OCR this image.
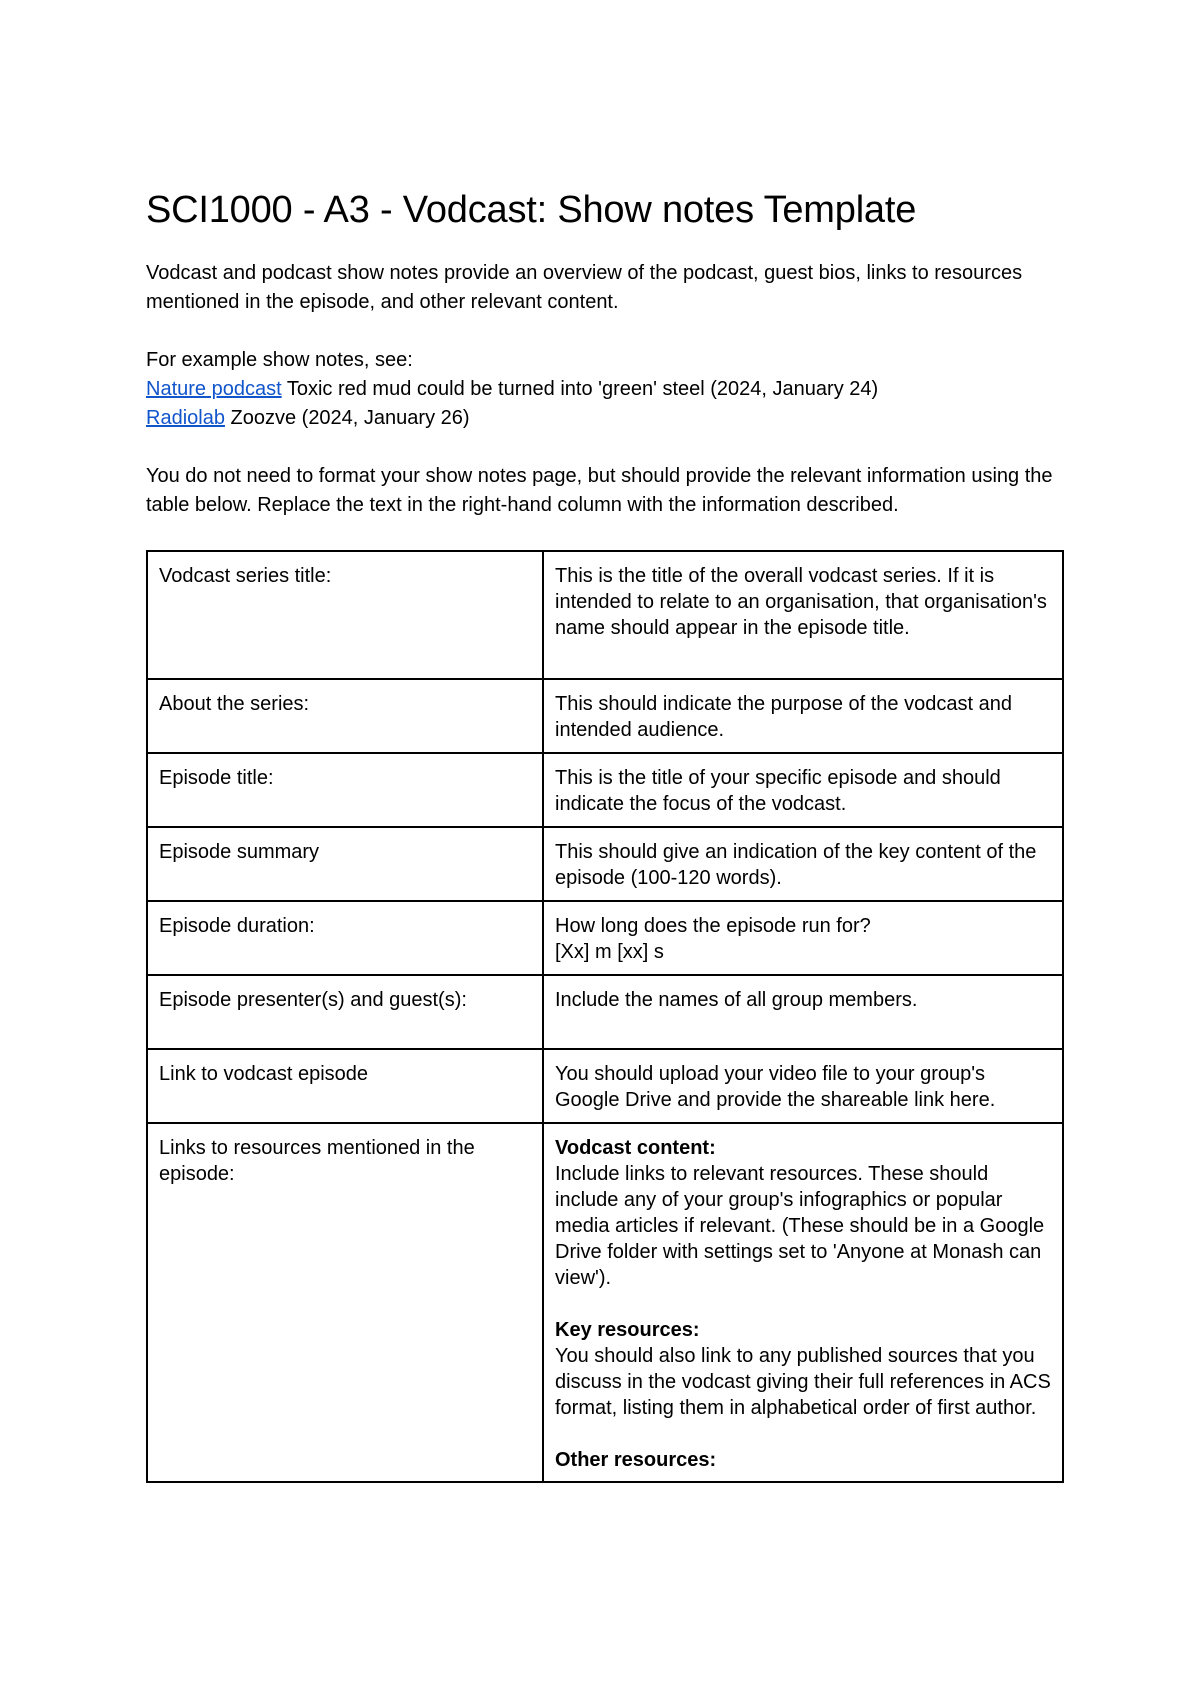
SCI1000 - A3 - Vodcast: Show notes Template

Vodcast and podcast show notes provide an overview of the podcast, guest bios, links to resources mentioned in the episode, and other relevant content.

For example show notes, see:
Nature podcast Toxic red mud could be turned into 'green' steel (2024, January 24)
Radiolab Zoozve (2024, January 26)

You do not need to format your show notes page, but should provide the relevant information using the table below. Replace the text in the right-hand column with the information described.

Vodcast series title:	This is the title of the overall vodcast series. If it is intended to relate to an organisation, that organisation's name should appear in the episode title.
About the series:	This should indicate the purpose of the vodcast and intended audience.
Episode title:	This is the title of your specific episode and should indicate the focus of the vodcast.
Episode summary	This should give an indication of the key content of the episode (100-120 words).
Episode duration:	How long does the episode run for?
[Xx] m [xx] s

Episode presenter(s) and guest(s):	Include the names of all group members.
Link to vodcast episode	You should upload your video file to your group's Google Drive and provide the shareable link here.
Links to resources mentioned in the episode:	Vodcast content:
Include links to relevant resources. These should include any of your group's infographics or popular media articles if relevant. (These should be in a Google Drive folder with settings set to 'Anyone at Monash can view').
Key resources:
You should also link to any published sources that you discuss in the vodcast giving their full references in ACS format, listing them in alphabetical order of first author.
Other resources:
